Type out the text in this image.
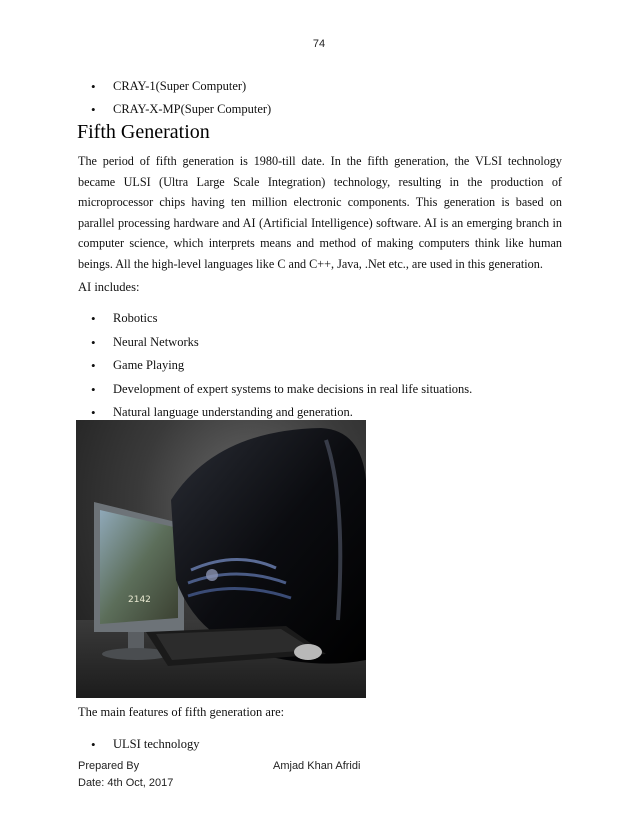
74
• CRAY-1(Super Computer)
• CRAY-X-MP(Super Computer)
Fifth Generation

The period of fifth generation is 1980-till date. In the fifth generation, the VLSI technology became ULSI (Ultra Large Scale Integration) technology, resulting in the production of microprocessor chips having ten million electronic components. This generation is based on parallel processing hardware and AI (Artificial Intelligence) software. AI is an emerging branch in computer science, which interprets means and method of making computers think like human beings. All the high-level languages like C and C++, Java, .Net etc., are used in this generation.

AI includes:

• Robotics
• Neural Networks
• Game Playing
• Development of expert systems to make decisions in real life situations.
• Natural language understanding and generation.
2142

The main features of fifth generation are:

• ULSI technology
Prepared By
Date: 4th Oct, 2017
Amjad Khan Afridi
